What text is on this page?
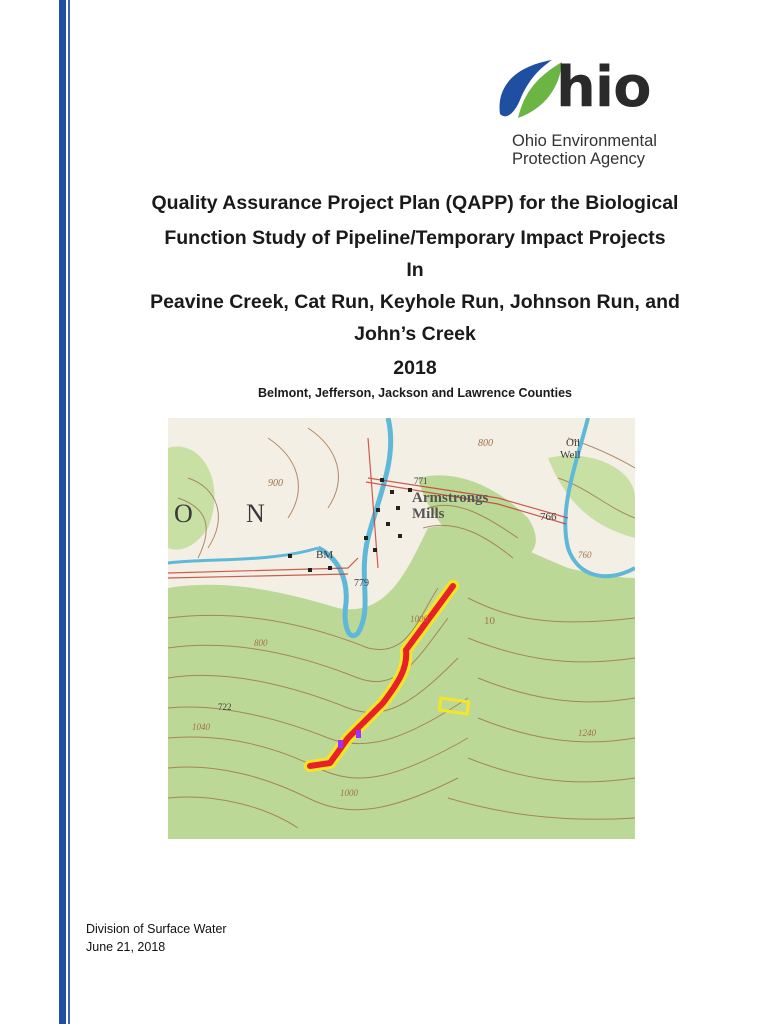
hio
Ohio Environmental
Protection Agency
Quality Assurance Project Plan (QAPP) for the Biological
Function Study of Pipeline/Temporary Impact Projects
In
Peavine Creek, Cat Run, Keyhole Run, Johnson Run, and
John’s Creek
2018
Belmont, Jefferson, Jackson and Lawrence Counties
O N
BM
Armstrongs
Mills
Oil
Well
800
771
900
779
766
760
1000
800
10
1040
722
1240
1000
Division of Surface Water
June 21, 2018
